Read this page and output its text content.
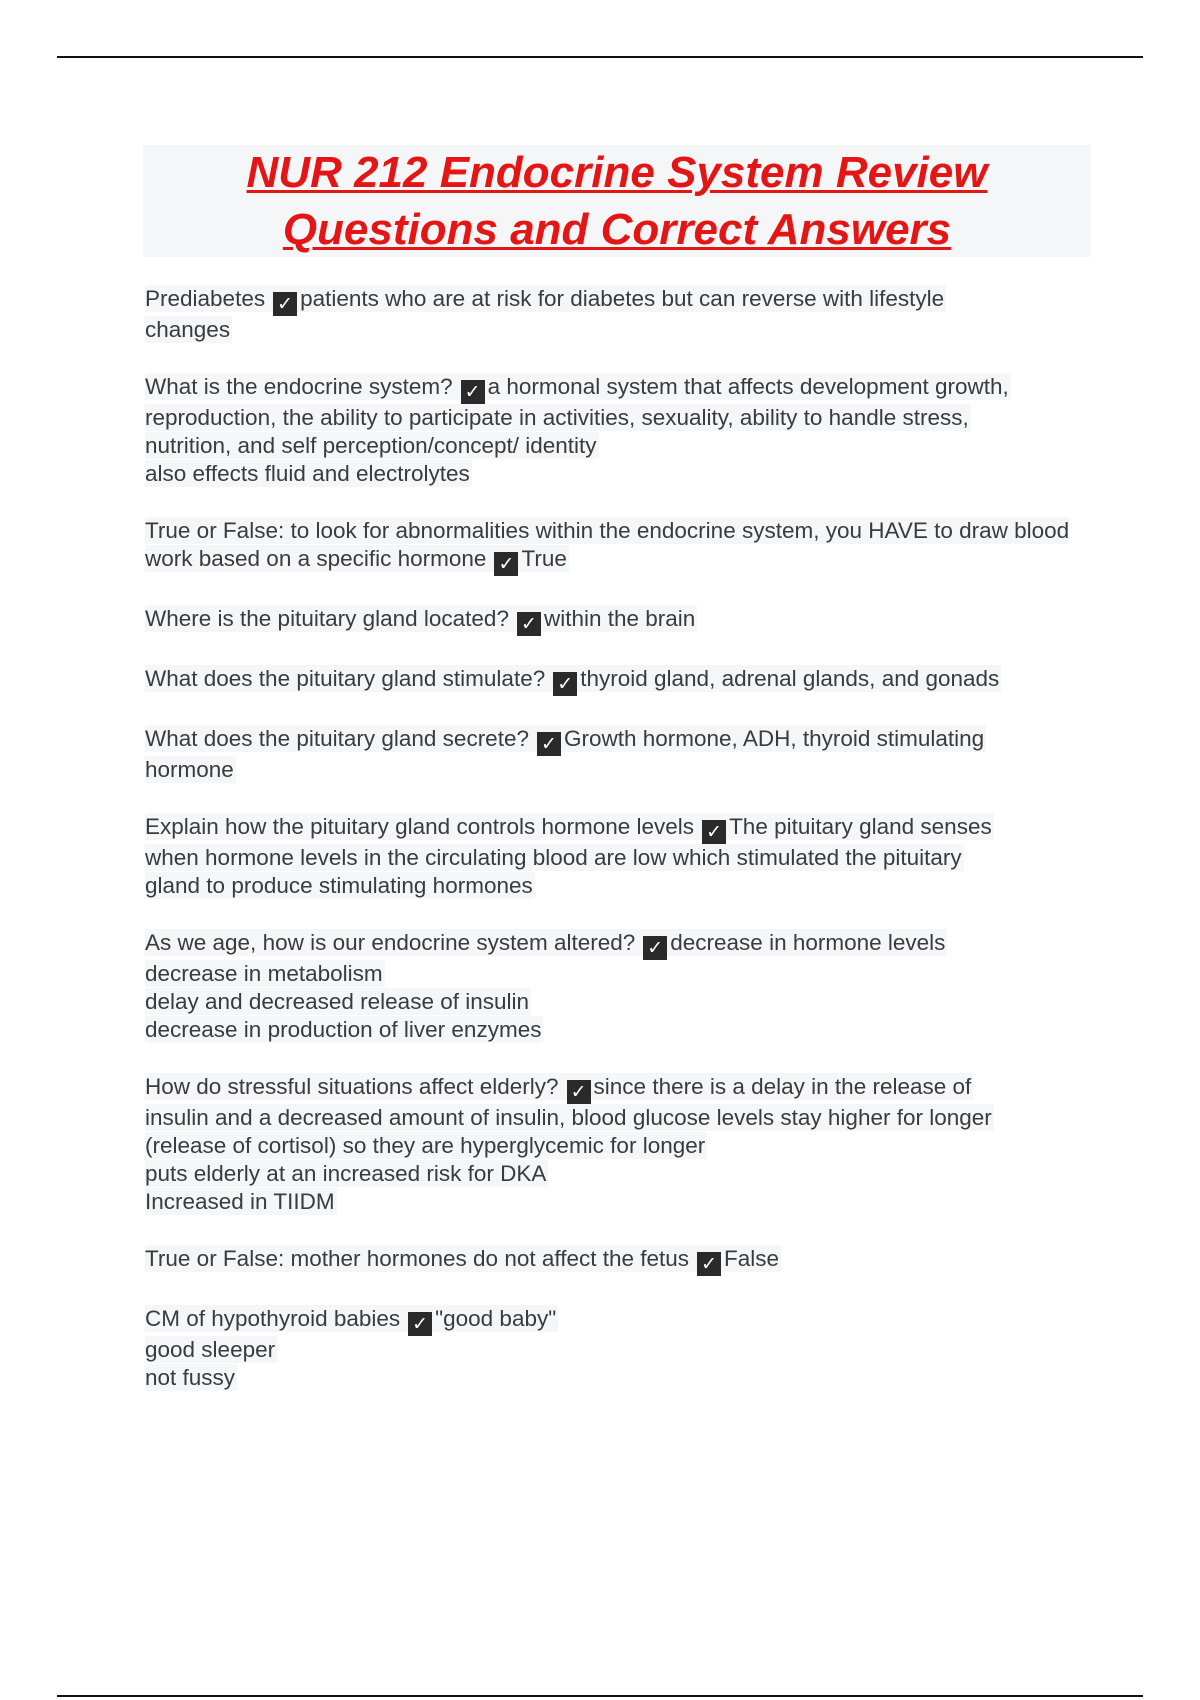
NUR 212 Endocrine System Review
Questions and Correct Answers
Prediabetes ✓ patients who are at risk for diabetes but can reverse with lifestyle
changes
What is the endocrine system? ✓ a hormonal system that affects development growth,
reproduction, the ability to participate in activities, sexuality, ability to handle stress,
nutrition, and self perception/concept/ identity
also effects fluid and electrolytes
True or False: to look for abnormalities within the endocrine system, you HAVE to draw blood work based on a specific hormone ✓ True
Where is the pituitary gland located? ✓ within the brain
What does the pituitary gland stimulate? ✓ thyroid gland, adrenal glands, and gonads
What does the pituitary gland secrete? ✓ Growth hormone, ADH, thyroid stimulating
hormone
Explain how the pituitary gland controls hormone levels ✓ The pituitary gland senses
when hormone levels in the circulating blood are low which stimulated the pituitary
gland to produce stimulating hormones
As we age, how is our endocrine system altered? ✓ decrease in hormone levels
decrease in metabolism
delay and decreased release of insulin
decrease in production of liver enzymes
How do stressful situations affect elderly? ✓ since there is a delay in the release of
insulin and a decreased amount of insulin, blood glucose levels stay higher for longer
(release of cortisol) so they are hyperglycemic for longer
puts elderly at an increased risk for DKA
Increased in TIIDM
True or False: mother hormones do not affect the fetus ✓ False
CM of hypothyroid babies ✓ "good baby"
good sleeper
not fussy
